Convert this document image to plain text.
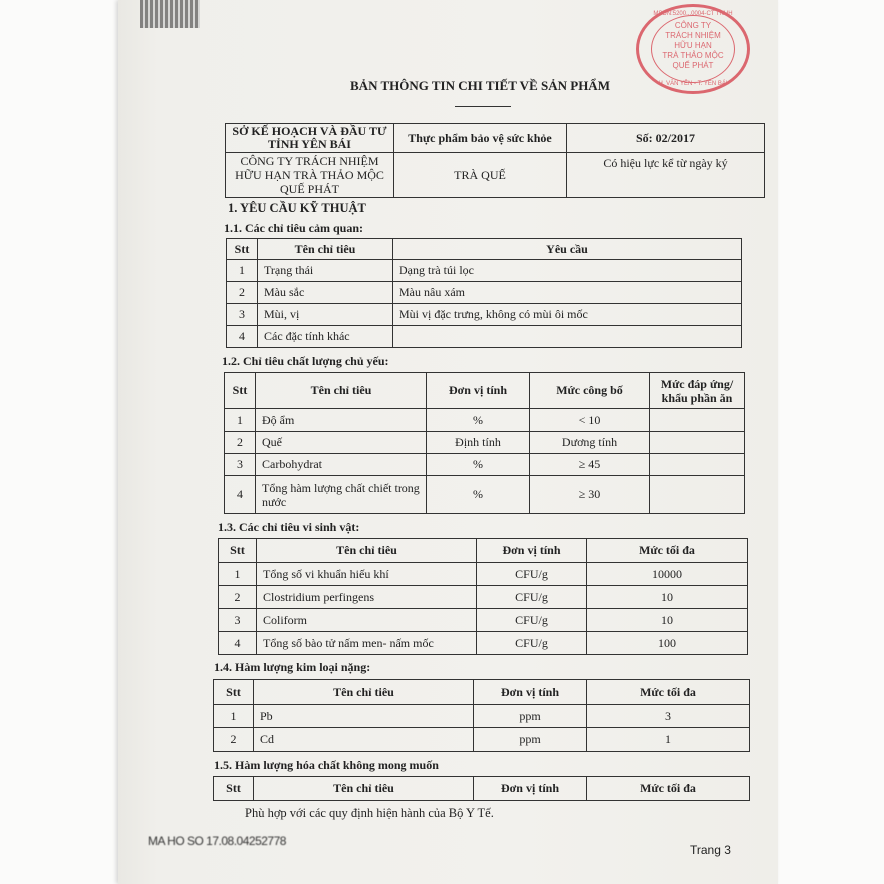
MSDN:5200...0004-CT TNHH
CÔNG TY
TRÁCH NHIỆM
HỮU HẠN
TRÀ THẢO MỘC
QUẾ PHÁT
H. VĂN YÊN - T. YÊN BÁI
BẢN THÔNG TIN CHI TIẾT VỀ SẢN PHẨM
SỞ KẾ HOẠCH VÀ ĐẦU TƯ TỈNH YÊN BÁI	Thực phẩm bảo vệ sức khỏe	Số: 02/2017
CÔNG TY TRÁCH NHIỆM HỮU HẠN TRÀ THẢO MỘC QUẾ PHÁT	TRÀ QUẾ	Có hiệu lực kể từ ngày ký
1. YÊU CẦU KỸ THUẬT
1.1. Các chỉ tiêu cảm quan:
Stt	Tên chỉ tiêu	Yêu cầu
1	Trạng thái	Dạng trà túi lọc
2	Màu sắc	Màu nâu xám
3	Mùi, vị	Mùi vị đặc trưng, không có mùi ôi mốc
4	Các đặc tính khác	
1.2. Chỉ tiêu chất lượng chủ yếu:
Stt	Tên chỉ tiêu	Đơn vị tính	Mức công bố	Mức đáp ứng/ khẩu phần ăn
1	Độ ẩm	%	< 10	
2	Quế	Định tính	Dương tính	
3	Carbohydrat	%	≥ 45	
4	Tổng hàm lượng chất chiết trong nước	%	≥ 30	
1.3. Các chỉ tiêu vi sinh vật:
Stt	Tên chỉ tiêu	Đơn vị tính	Mức tối đa
1	Tổng số vi khuẩn hiếu khí	CFU/g	10000
2	Clostridium perfingens	CFU/g	10
3	Coliform	CFU/g	10
4	Tổng số bào tử nấm men- nấm mốc	CFU/g	100
1.4. Hàm lượng kim loại nặng:
Stt	Tên chỉ tiêu	Đơn vị tính	Mức tối đa
1	Pb	ppm	3
2	Cd	ppm	1
1.5. Hàm lượng hóa chất không mong muốn
Stt	Tên chỉ tiêu	Đơn vị tính	Mức tối đa
Phù hợp với các quy định hiện hành của Bộ Y Tế.
MA HO SO 17.08.04252778
Trang 3
